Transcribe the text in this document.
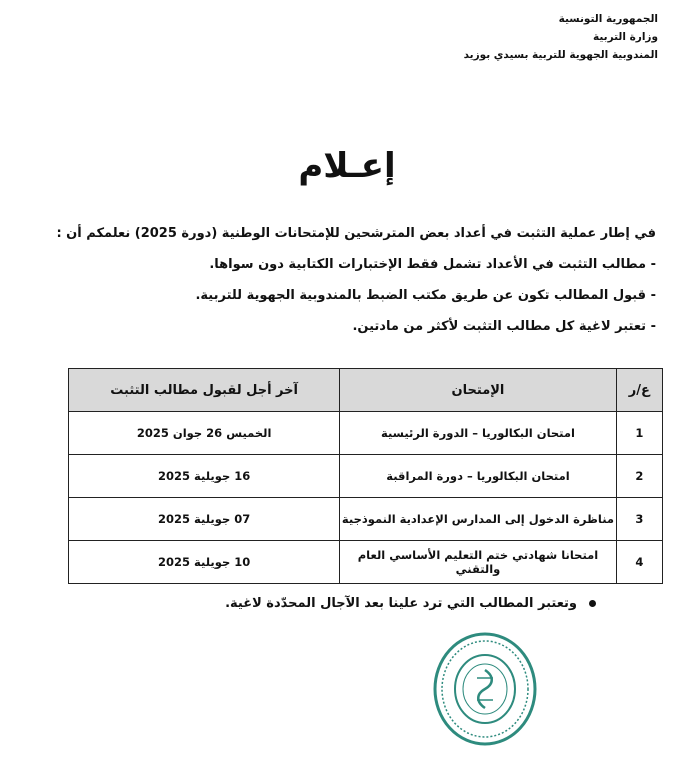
الجمهورية التونسية
وزارة التربية
المندوبية الجهوية للتربية بسيدي بوزيد
إعـلام
في إطار عملية التثبت في أعداد بعض المترشحين للإمتحانات الوطنية (دورة 2025) نعلمكم أن :
- مطالب التثبت في الأعداد تشمل فقط الإختبارات الكتابية دون سواها.
- قبول المطالب تكون عن طريق مكتب الضبط بالمندوبية الجهوية للتربية.
- تعتبر لاغية كل مطالب التثبت لأكثر من مادتين.
ع/ر	الإمتحان	آخر أجل لقبول مطالب التثبت
1	امتحان البكالوريا – الدورة الرئيسية	الخميس 26 جوان 2025
2	امتحان البكالوريا – دورة المراقبة	16 جويلية 2025
3	مناظرة الدخول إلى المدارس الإعدادية النموذجية	07 جويلية 2025
4	امتحانا شهادتي ختم التعليم الأساسي العام والتقني	10 جويلية 2025
وتعتبر المطالب التي ترد علينا بعد الآجال المحدّدة لاغية.
